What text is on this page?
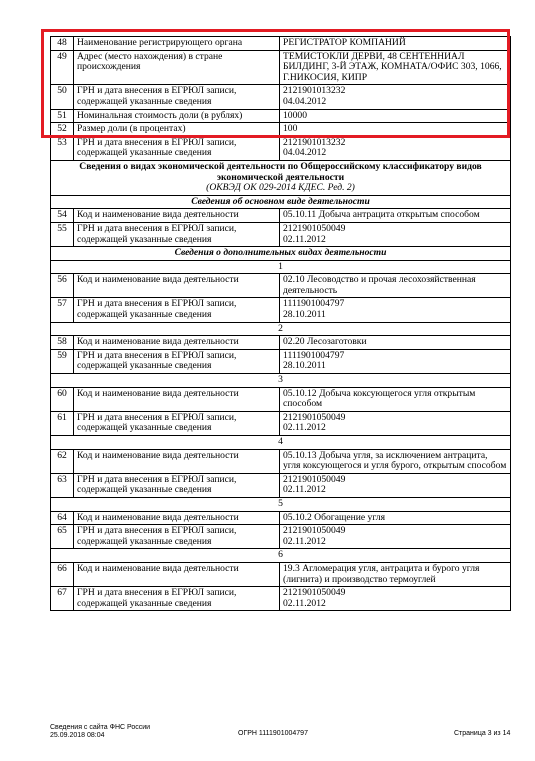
48	Наименование регистрирующего органа	РЕГИСТРАТОР КОМПАНИЙ
49	Адрес (место нахождения) в стране происхождения	ТЕМИСТОКЛИ ДЕРВИ, 48 СЕНТЕННИАЛ БИЛДИНГ, 3-Й ЭТАЖ, КОМНАТА/ОФИС 303, 1066, Г.НИКОСИЯ, КИПР
50	ГРН и дата внесения в ЕГРЮЛ записи, содержащей указанные сведения	2121901013232
04.04.2012
51	Номинальная стоимость доли (в рублях)	10000
52	Размер доли (в процентах)	100
53	ГРН и дата внесения в ЕГРЮЛ записи, содержащей указанные сведения	2121901013232
04.04.2012
Сведения о видах экономической деятельности по Общероссийскому классификатору видов экономической деятельности
(ОКВЭД ОК 029-2014 КДЕС. Ред. 2)		

Сведения об основном виде деятельности		
54	Код и наименование вида деятельности	05.10.11 Добыча антрацита открытым способом
55	ГРН и дата внесения в ЕГРЮЛ записи, содержащей указанные сведения	2121901050049
02.11.2012
Сведения о дополнительных видах деятельности		
1		
56	Код и наименование вида деятельности	02.10 Лесоводство и прочая лесохозяйственная деятельность
57	ГРН и дата внесения в ЕГРЮЛ записи, содержащей указанные сведения	1111901004797
28.10.2011
2		
58	Код и наименование вида деятельности	02.20 Лесозаготовки
59	ГРН и дата внесения в ЕГРЮЛ записи, содержащей указанные сведения	1111901004797
28.10.2011
3		
60	Код и наименование вида деятельности	05.10.12 Добыча коксующегося угля открытым способом
61	ГРН и дата внесения в ЕГРЮЛ записи, содержащей указанные сведения	2121901050049
02.11.2012
4		
62	Код и наименование вида деятельности	05.10.13 Добыча угля, за исключением антрацита, угля коксующегося и угля бурого, открытым способом
63	ГРН и дата внесения в ЕГРЮЛ записи, содержащей указанные сведения	2121901050049
02.11.2012
5		
64	Код и наименование вида деятельности	05.10.2 Обогащение угля
65	ГРН и дата внесения в ЕГРЮЛ записи, содержащей указанные сведения	2121901050049
02.11.2012
6		
66	Код и наименование вида деятельности	19.3 Агломерация угля, антрацита и бурого угля (лигнита) и производство термоуглей
67	ГРН и дата внесения в ЕГРЮЛ записи, содержащей указанные сведения	2121901050049
02.11.2012
Сведения с сайта ФНС России
25.09.2018 08:04	ОГРН 1111901004797	Страница 3 из 14
